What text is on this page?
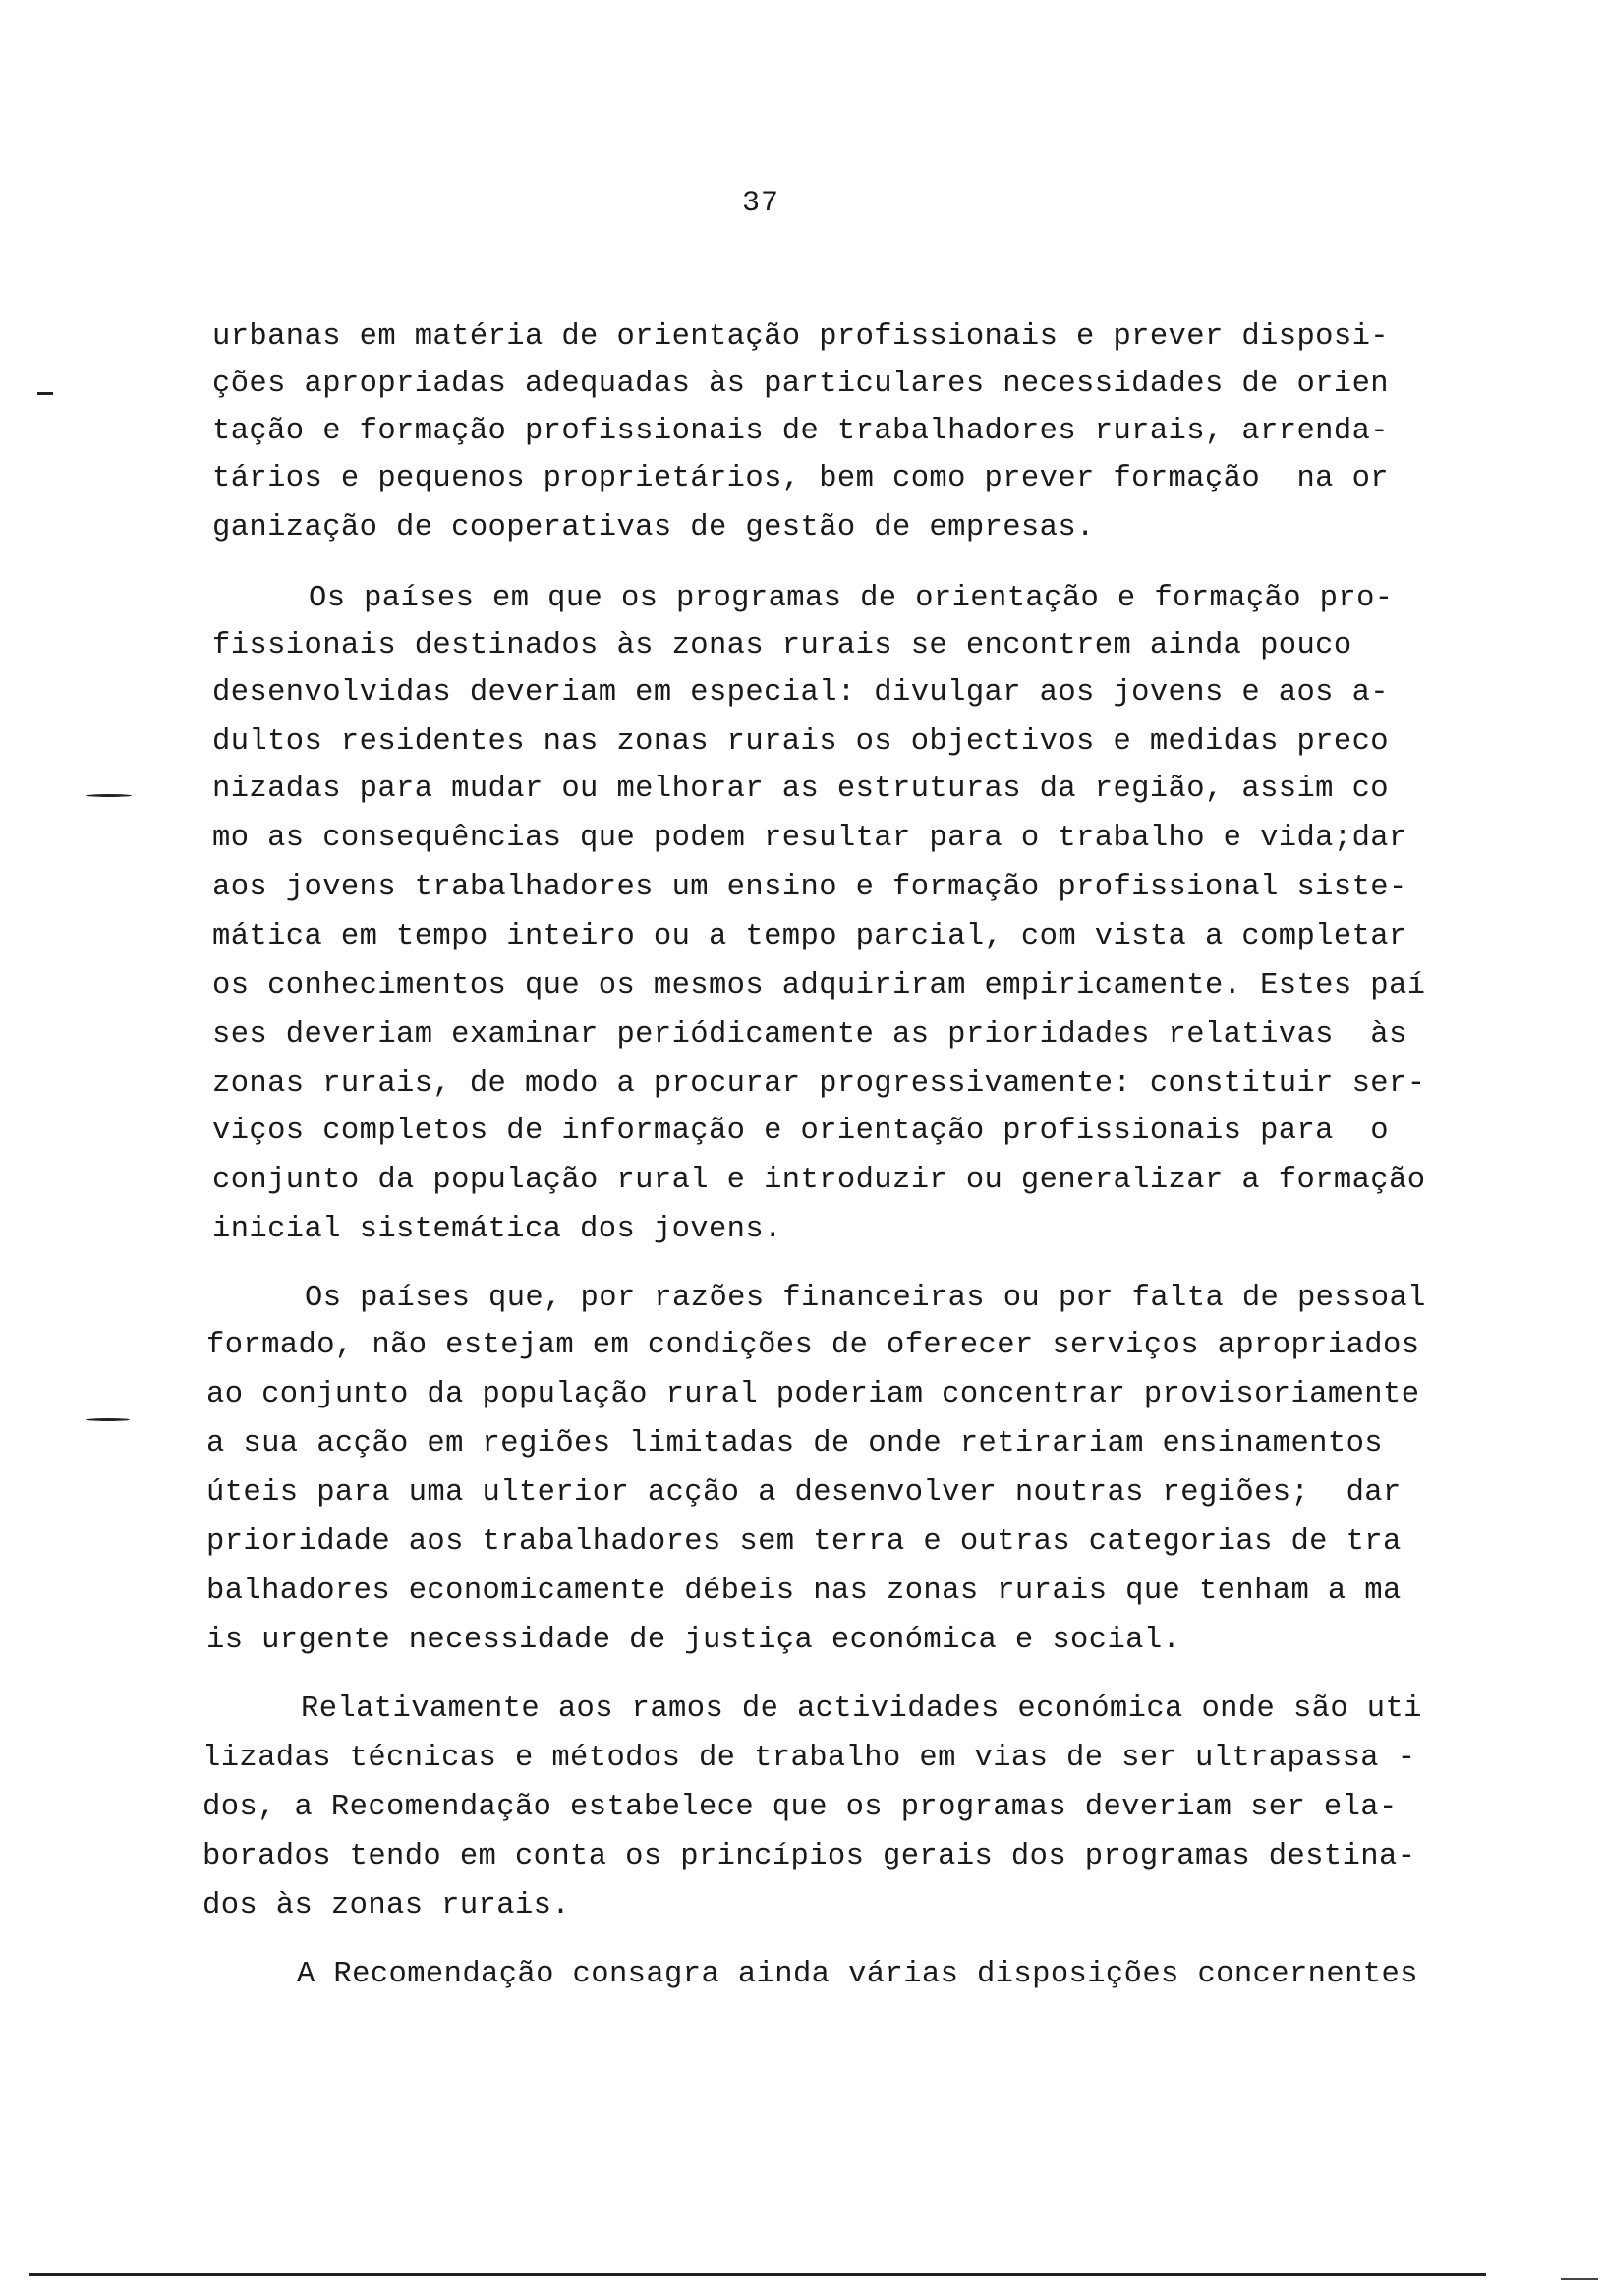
37
urbanas em matéria de orientação profissionais e prever disposi-
ções apropriadas adequadas às particulares necessidades de orien
tação e formação profissionais de trabalhadores rurais, arrenda-
tários e pequenos proprietários, bem como prever formação  na or
ganização de cooperativas de gestão de empresas.
Os países em que os programas de orientação e formação pro-
fissionais destinados às zonas rurais se encontrem ainda pouco
desenvolvidas deveriam em especial: divulgar aos jovens e aos a-
dultos residentes nas zonas rurais os objectivos e medidas preco
nizadas para mudar ou melhorar as estruturas da região, assim co
mo as consequências que podem resultar para o trabalho e vida;dar
aos jovens trabalhadores um ensino e formação profissional siste-
mática em tempo inteiro ou a tempo parcial, com vista a completar
os conhecimentos que os mesmos adquiriram empiricamente. Estes paí
ses deveriam examinar periódicamente as prioridades relativas  às
zonas rurais, de modo a procurar progressivamente: constituir ser-
viços completos de informação e orientação profissionais para  o
conjunto da população rural e introduzir ou generalizar a formação
inicial sistemática dos jovens.
Os países que, por razões financeiras ou por falta de pessoal
formado, não estejam em condições de oferecer serviços apropriados
ao conjunto da população rural poderiam concentrar provisoriamente
a sua acção em regiões limitadas de onde retirariam ensinamentos
úteis para uma ulterior acção a desenvolver noutras regiões;  dar
prioridade aos trabalhadores sem terra e outras categorias de tra
balhadores economicamente débeis nas zonas rurais que tenham a ma
is urgente necessidade de justiça económica e social.
Relativamente aos ramos de actividades económica onde são uti
lizadas técnicas e métodos de trabalho em vias de ser ultrapassa -
dos, a Recomendação estabelece que os programas deveriam ser ela-
borados tendo em conta os princípios gerais dos programas destina-
dos às zonas rurais.
A Recomendação consagra ainda várias disposições concernentes
